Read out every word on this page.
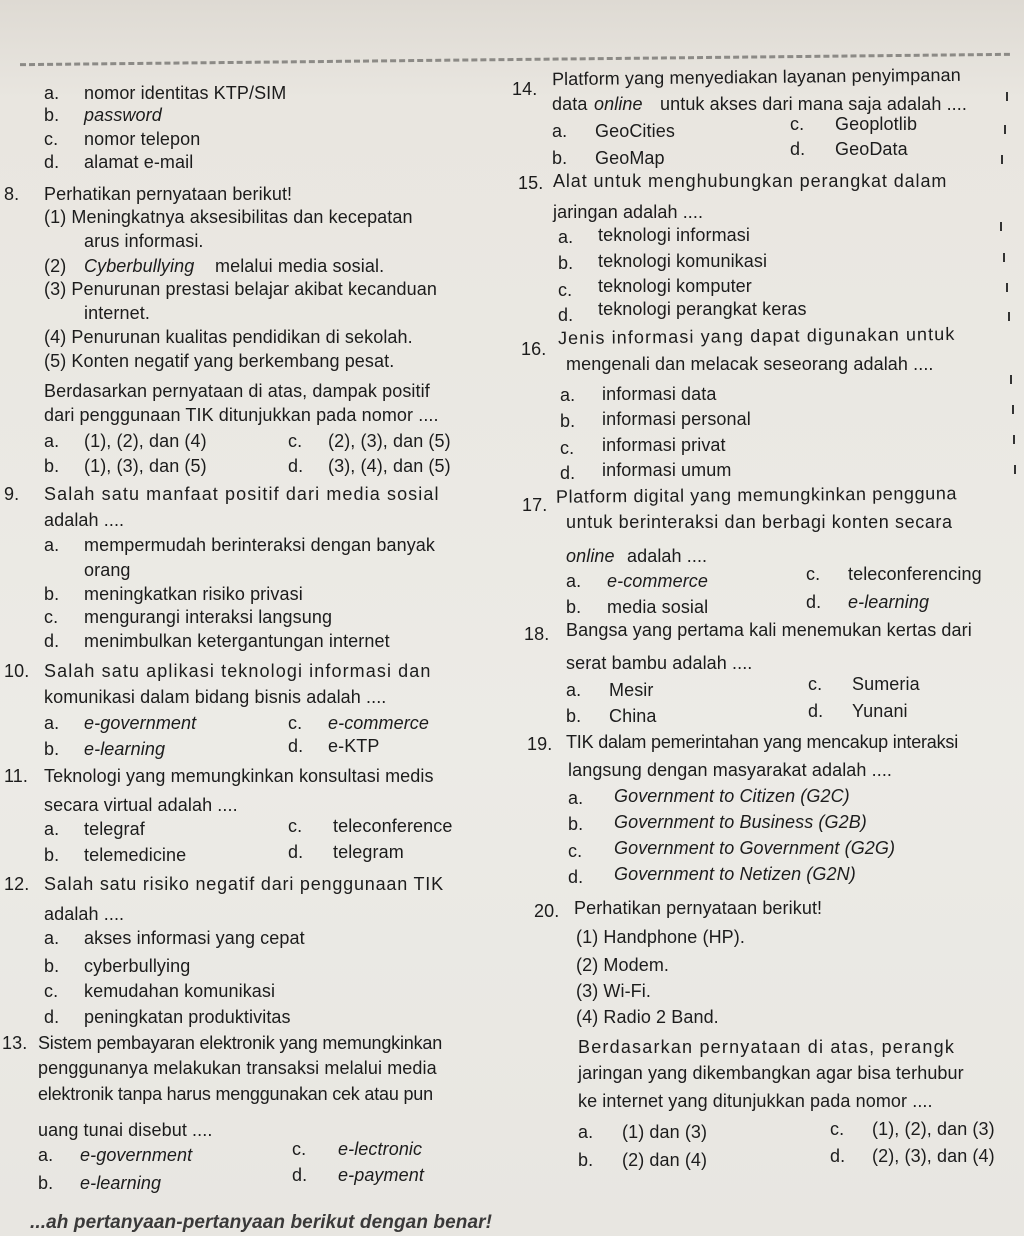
a. nomor identitas KTP/SIM
b. password
c. nomor telepon
d. alamat e-mail
8. Perhatikan pernyataan berikut!
(1) Meningkatnya aksesibilitas dan kecepatan
arus informasi.
(2) Cyberbullying melalui media sosial.
(3) Penurunan prestasi belajar akibat kecanduan
internet.
(4) Penurunan kualitas pendidikan di sekolah.
(5) Konten negatif yang berkembang pesat.
Berdasarkan pernyataan di atas, dampak positif
dari penggunaan TIK ditunjukkan pada nomor ....
a. (1), (2), dan (4)	c. (2), (3), dan (5)
b. (1), (3), dan (5)	d. (3), (4), dan (5)
9. Salah satu manfaat positif dari media sosial
adalah ....
a. mempermudah berinteraksi dengan banyak
orang
b. meningkatkan risiko privasi
c. mengurangi interaksi langsung
d. menimbulkan ketergantungan internet
10. Salah satu aplikasi teknologi informasi dan
komunikasi dalam bidang bisnis adalah ....
a. e-government	c. e-commerce
b. e-learning	d. e-KTP
11. Teknologi yang memungkinkan konsultasi medis
secara virtual adalah ....
a. telegraf	c. teleconference
b. telemedicine	d. telegram
12. Salah satu risiko negatif dari penggunaan TIK
adalah ....
a. akses informasi yang cepat
b. cyberbullying
c. kemudahan komunikasi
d. peningkatan produktivitas
13. Sistem pembayaran elektronik yang memungkinkan
penggunanya melakukan transaksi melalui media
elektronik tanpa harus menggunakan cek atau pun
uang tunai disebut ....
a. e-government	c. e-lectronic
b. e-learning	d. e-payment
14. Platform yang menyediakan layanan penyimpanan
data online untuk akses dari mana saja adalah ....
a. GeoCities	c. Geoplotlib
b. GeoMap	d. GeoData
15. Alat untuk menghubungkan perangkat dalam
jaringan adalah ....
a. teknologi informasi
b. teknologi komunikasi
c. teknologi komputer
d. teknologi perangkat keras
16.
Jenis informasi yang dapat digunakan untuk
mengenali dan melacak seseorang adalah ....
a. informasi data
b. informasi personal
c. informasi privat
d. informasi umum
17. Platform digital yang memungkinkan pengguna
untuk berinteraksi dan berbagi konten secara
online adalah ....
a. e-commerce	c. teleconferencing
b. media sosial	d. e-learning
18. Bangsa yang pertama kali menemukan kertas dari
serat bambu adalah ....
a. Mesir	c. Sumeria
b. China	d. Yunani
19. TIK dalam pemerintahan yang mencakup interaksi
langsung dengan masyarakat adalah ....
a. Government to Citizen (G2C)
b. Government to Business (G2B)
c. Government to Government (G2G)
d. Government to Netizen (G2N)
20. Perhatikan pernyataan berikut!
(1) Handphone (HP).
(2) Modem.
(3) Wi-Fi.
(4) Radio 2 Band.
Berdasarkan pernyataan di atas, perangk
jaringan yang dikembangkan agar bisa terhubur
ke internet yang ditunjukkan pada nomor ....
a. (1) dan (3)	c. (1), (2), dan (3)
b. (2) dan (4)	d. (2), (3), dan (4)
...ah pertanyaan-pertanyaan berikut dengan benar!
